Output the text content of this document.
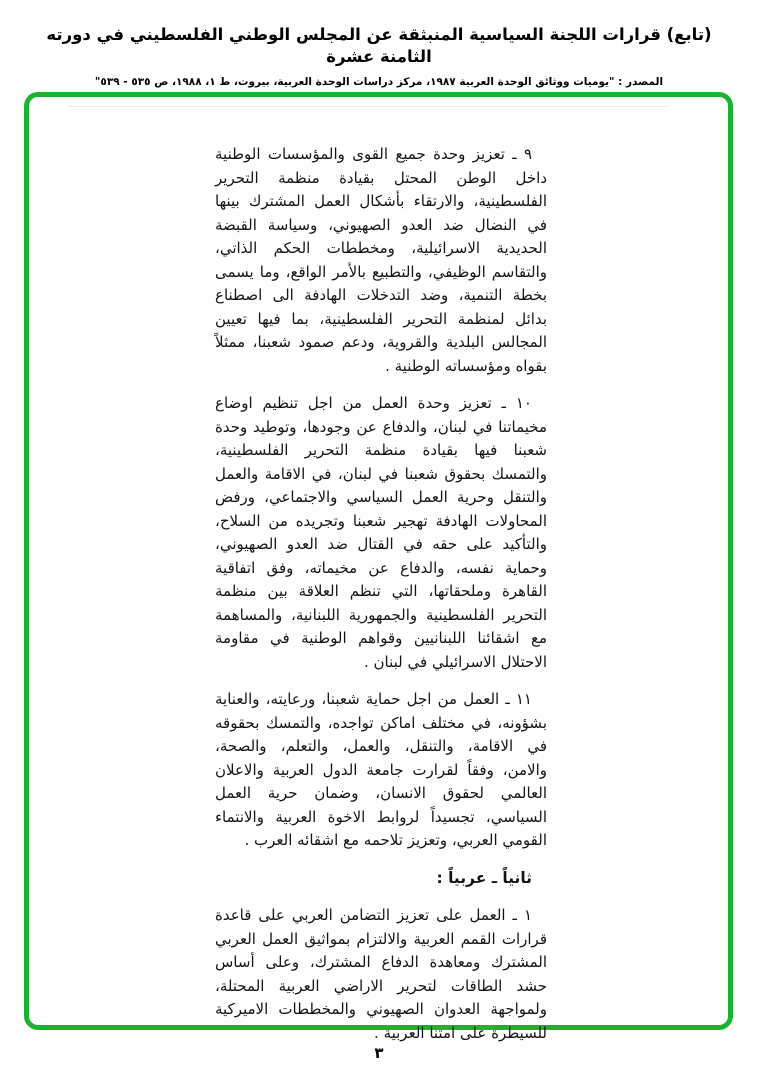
(تابع) قرارات اللجنة السياسية المنبثقة عن المجلس الوطني الفلسطيني في دورته الثامنة عشرة
المصدر : "يوميات ووثائق الوحدة العربية ١٩٨٧، مركز دراسات الوحدة العربية، بيروت، ط ١، ١٩٨٨، ص ٥٣٥ - ٥٣٩"

٩ ـ تعزيز وحدة جميع القوى والمؤسسات الوطنية داخل الوطن المحتل بقيادة منظمة التحرير الفلسطينية، والارتقاء بأشكال العمل المشترك بينها في النضال ضد العدو الصهيوني، وسياسة القبضة الحديدية الاسرائيلية، ومخططات الحكم الذاتي، والتقاسم الوظيفي، والتطبيع بالأمر الواقع، وما يسمى بخطة التنمية، وضد التدخلات الهادفة الى اصطناع بدائل لمنظمة التحرير الفلسطينية، بما فيها تعيين المجالس البلدية والقروية، ودعم صمود شعبنا، ممثلاً بقواه ومؤسساته الوطنية .

١٠ ـ تعزيز وحدة العمل من اجل تنظيم اوضاع مخيماتنا في لبنان، والدفاع عن وجودها، وتوطيد وحدة شعبنا فيها بقيادة منظمة التحرير الفلسطينية، والتمسك بحقوق شعبنا في لبنان، في الاقامة والعمل والتنقل وحرية العمل السياسي والاجتماعي، ورفض المحاولات الهادفة تهجير شعبنا وتجريده من السلاح، والتأكيد على حقه في القتال ضد العدو الصهيوني، وحماية نفسه، والدفاع عن مخيماته، وفق اتفاقية القاهرة وملحقاتها، التي تنظم العلاقة بين منظمة التحرير الفلسطينية والجمهورية اللبنانية، والمساهمة مع اشقائنا اللبنانيين وقواهم الوطنية في مقاومة الاحتلال الاسرائيلي في لبنان .

١١ ـ العمل من اجل حماية شعبنا، ورعايته، والعناية بشؤونه، في مختلف اماكن تواجده، والتمسك بحقوقه في الاقامة، والتنقل، والعمل، والتعلم، والصحة، والامن، وفقاً لقرارت جامعة الدول العربية والاعلان العالمي لحقوق الانسان، وضمان حرية العمل السياسي، تجسيداً لروابط الاخوة العربية والانتماء القومي العربي، وتعزيز تلاحمه مع اشقائه العرب .

ثانياً ـ عربياً :

١ ـ العمل على تعزيز التضامن العربي على قاعدة قرارات القمم العربية والالتزام بمواثيق العمل العربي المشترك ومعاهدة الدفاع المشترك، وعلى أساس حشد الطاقات لتحرير الاراضي العربية المحتلة، ولمواجهة العدوان الصهيوني والمخططات الاميركية للسيطرة على امتنا العربية .

٣
